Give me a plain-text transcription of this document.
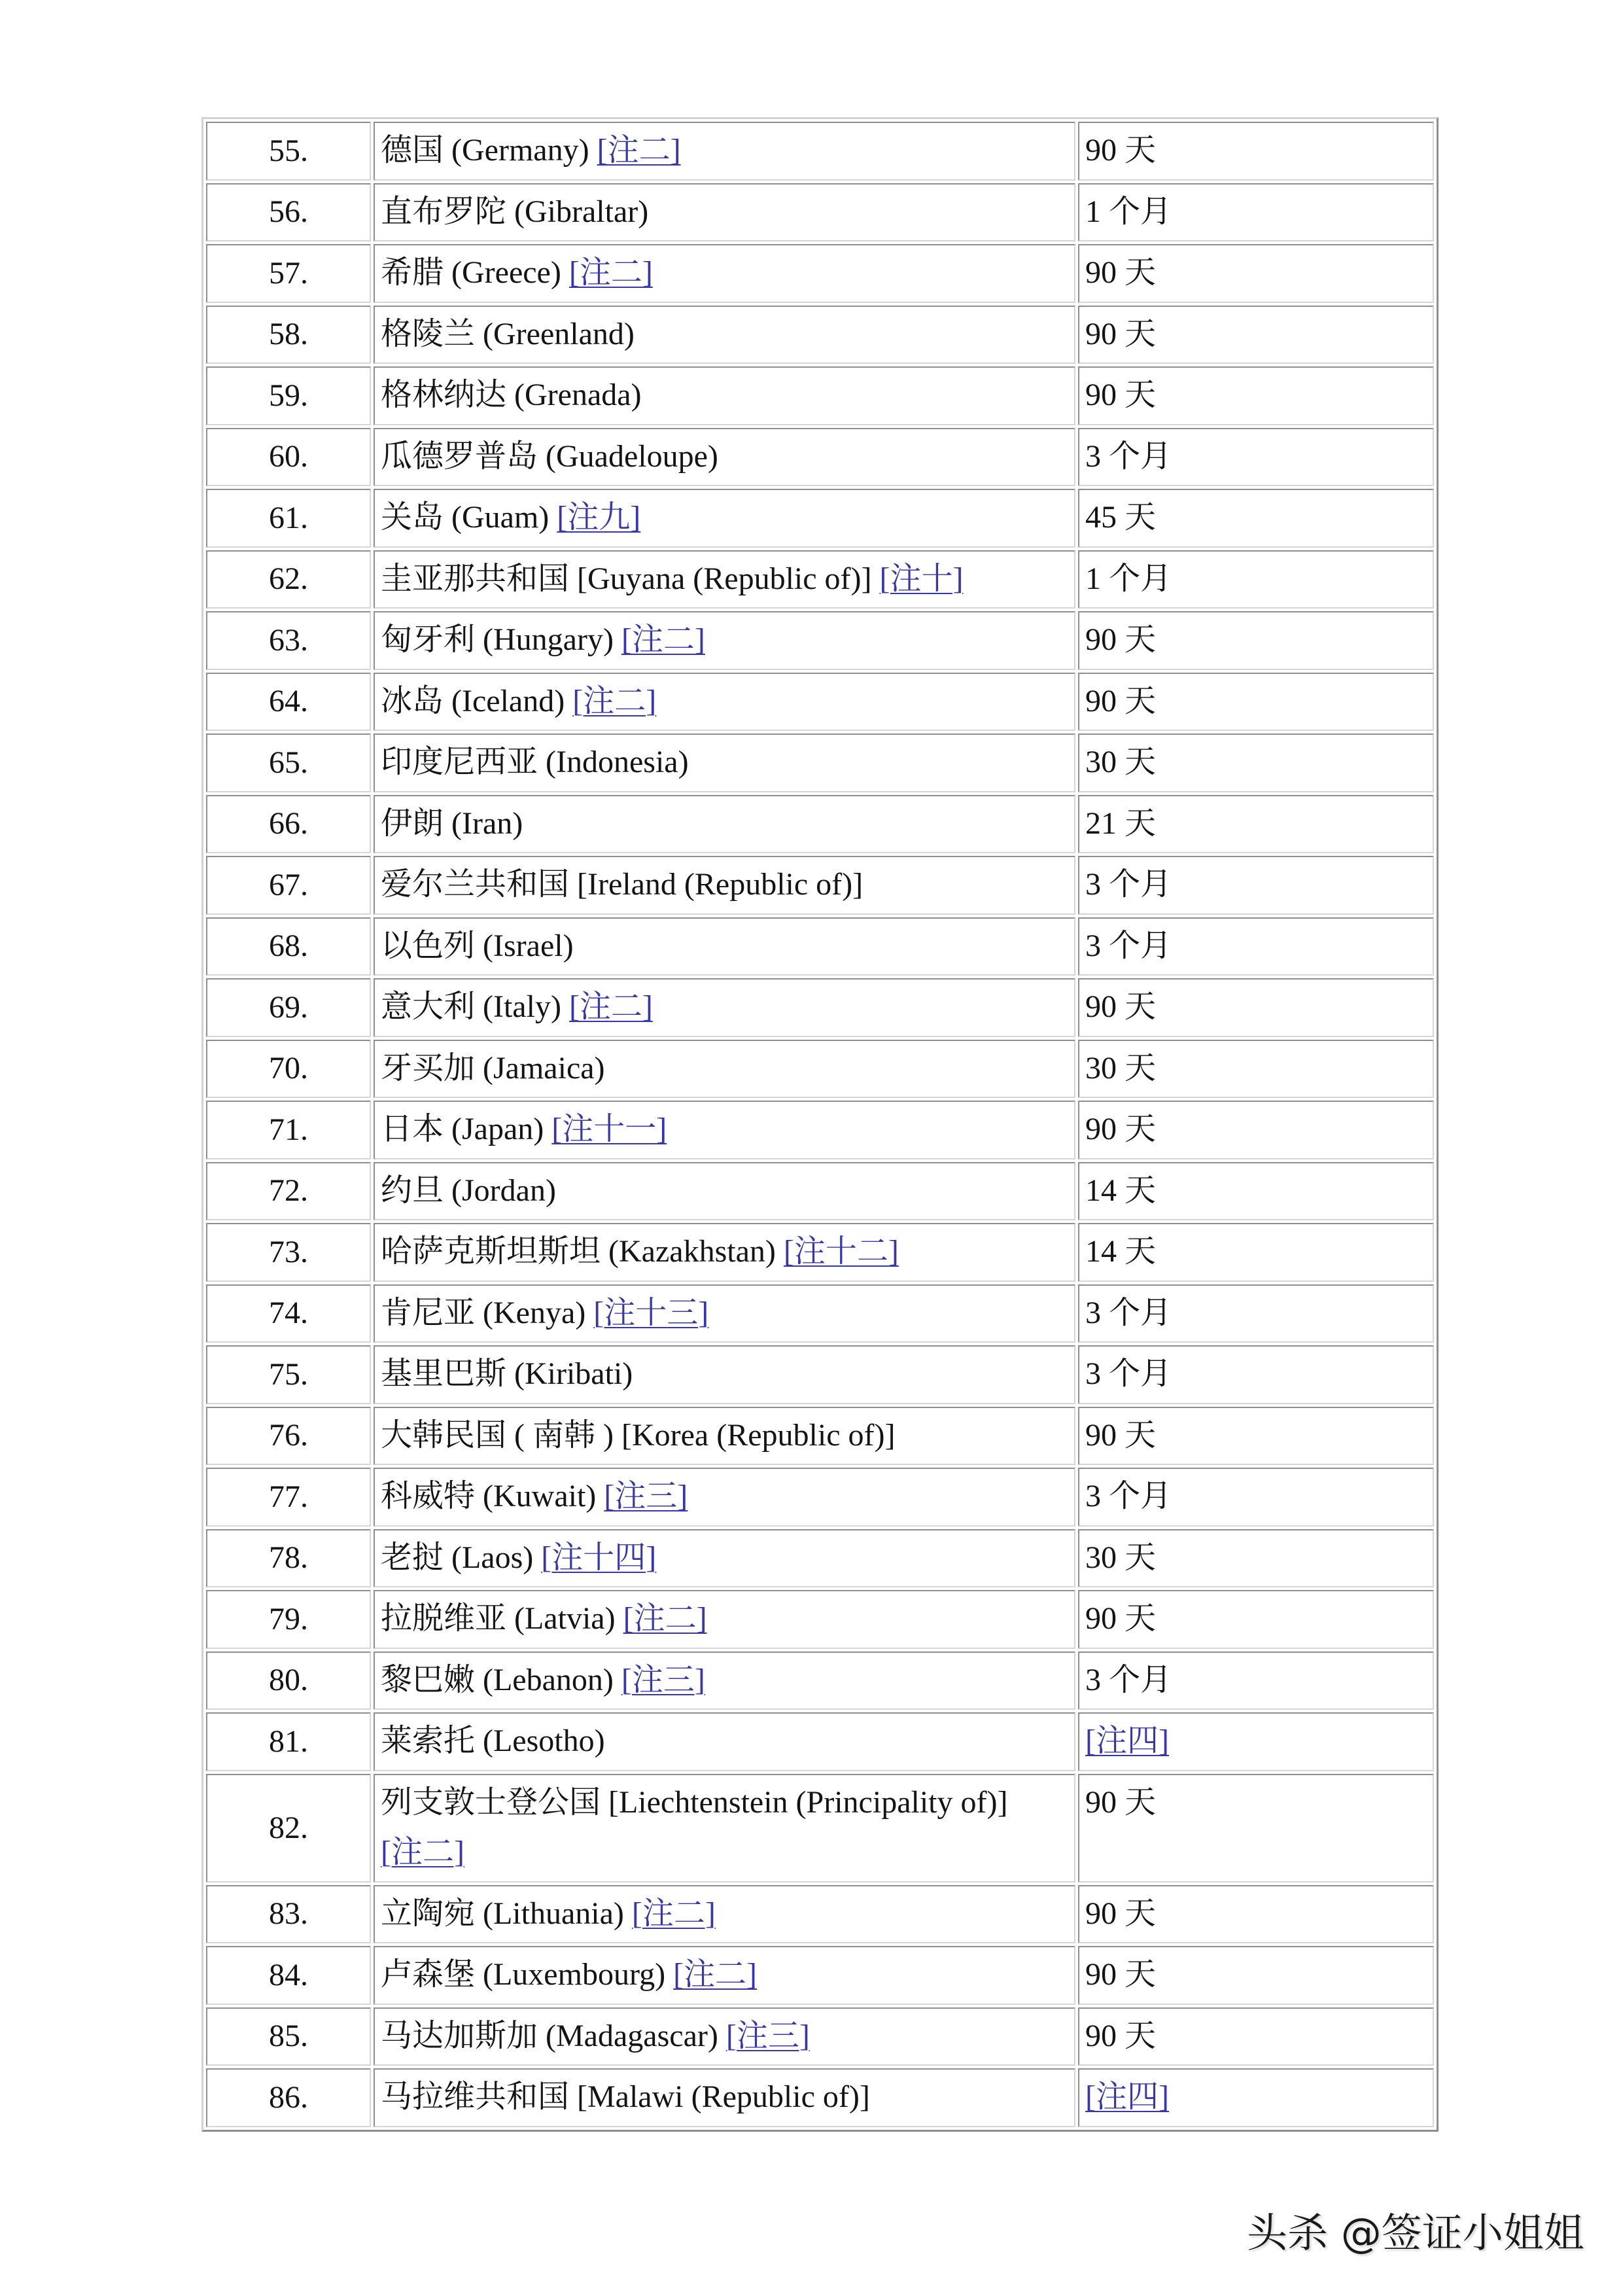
55.	德国 (Germany) [注二]	90 天
56.	直布罗陀 (Gibraltar)	1 个月
57.	希腊 (Greece) [注二]	90 天
58.	格陵兰 (Greenland)	90 天
59.	格林纳达 (Grenada)	90 天
60.	瓜德罗普岛 (Guadeloupe)	3 个月
61.	关岛 (Guam) [注九]	45 天
62.	圭亚那共和国 [Guyana (Republic of)] [注十]	1 个月
63.	匈牙利 (Hungary) [注二]	90 天
64.	冰岛 (Iceland) [注二]	90 天
65.	印度尼西亚 (Indonesia)	30 天
66.	伊朗 (Iran)	21 天
67.	爱尔兰共和国 [Ireland (Republic of)]	3 个月
68.	以色列 (Israel)	3 个月
69.	意大利 (Italy) [注二]	90 天
70.	牙买加 (Jamaica)	30 天
71.	日本 (Japan) [注十一]	90 天
72.	约旦 (Jordan)	14 天
73.	哈萨克斯坦斯坦 (Kazakhstan) [注十二]	14 天
74.	肯尼亚 (Kenya) [注十三]	3 个月
75.	基里巴斯 (Kiribati)	3 个月
76.	大韩民国 ( 南韩 ) [Korea (Republic of)]	90 天
77.	科威特 (Kuwait) [注三]	3 个月
78.	老挝 (Laos) [注十四]	30 天
79.	拉脱维亚 (Latvia) [注二]	90 天
80.	黎巴嫩 (Lebanon) [注三]	3 个月
81.	莱索托 (Lesotho)	[注四]
82.	列支敦士登公国 [Liechtenstein (Principality of)]
[注二]	90 天
83.	立陶宛 (Lithuania) [注二]	90 天
84.	卢森堡 (Luxembourg) [注二]	90 天
85.	马达加斯加 (Madagascar) [注三]	90 天
86.	马拉维共和国 [Malawi (Republic of)]	[注四]
头杀 @签证小姐姐
